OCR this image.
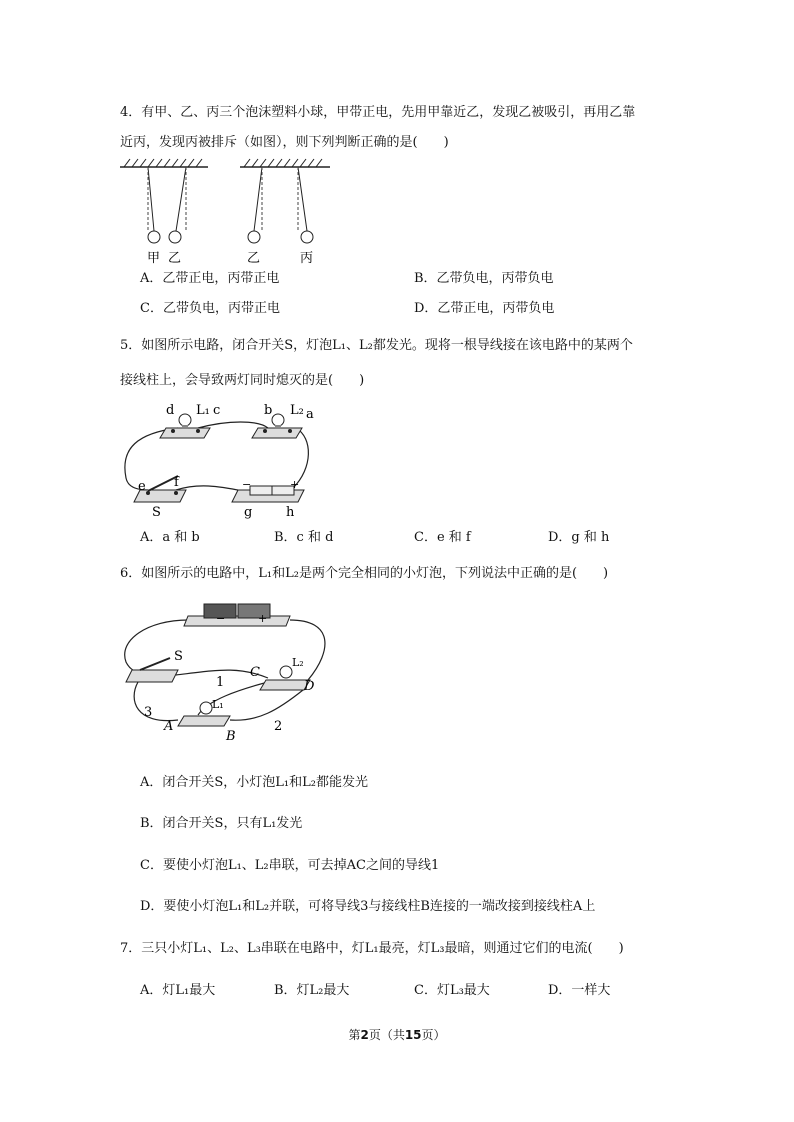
4．有甲、乙、丙三个泡沫塑料小球，甲带正电，先用甲靠近乙，发现乙被吸引，再用乙靠
近丙，发现丙被排斥（如图），则下列判断正确的是(　　)
甲 乙	乙	丙
A．乙带正电，丙带正电	B．乙带负电，丙带负电
C．乙带负电，丙带正电	D．乙带正电，丙带负电
5．如图所示电路，闭合开关S，灯泡L₁、L₂都发光。现将一根导线接在该电路中的某两个
接线柱上，会导致两灯同时熄灭的是(　　)
d L₁ c	b L₂ a
e f
S
−	+
g	h
A．a 和 b	B．c 和 d	C．e 和 f	D．g 和 h
6．如图所示的电路中，L₁和L₂是两个完全相同的小灯泡，下列说法中正确的是(　　)
−	+
S
C
L₂
D
1
L₁
3
A
B
2
A．闭合开关S，小灯泡L₁和L₂都能发光
B．闭合开关S，只有L₁发光
C．要使小灯泡L₁、L₂串联，可去掉AC之间的导线1
D．要使小灯泡L₁和L₂并联，可将导线3与接线柱B连接的一端改接到接线柱A上
7．三只小灯L₁、L₂、L₃串联在电路中，灯L₁最亮，灯L₃最暗，则通过它们的电流(　　)
A．灯L₁最大	B．灯L₂最大	C．灯L₃最大	D．一样大
第2页（共15页）
